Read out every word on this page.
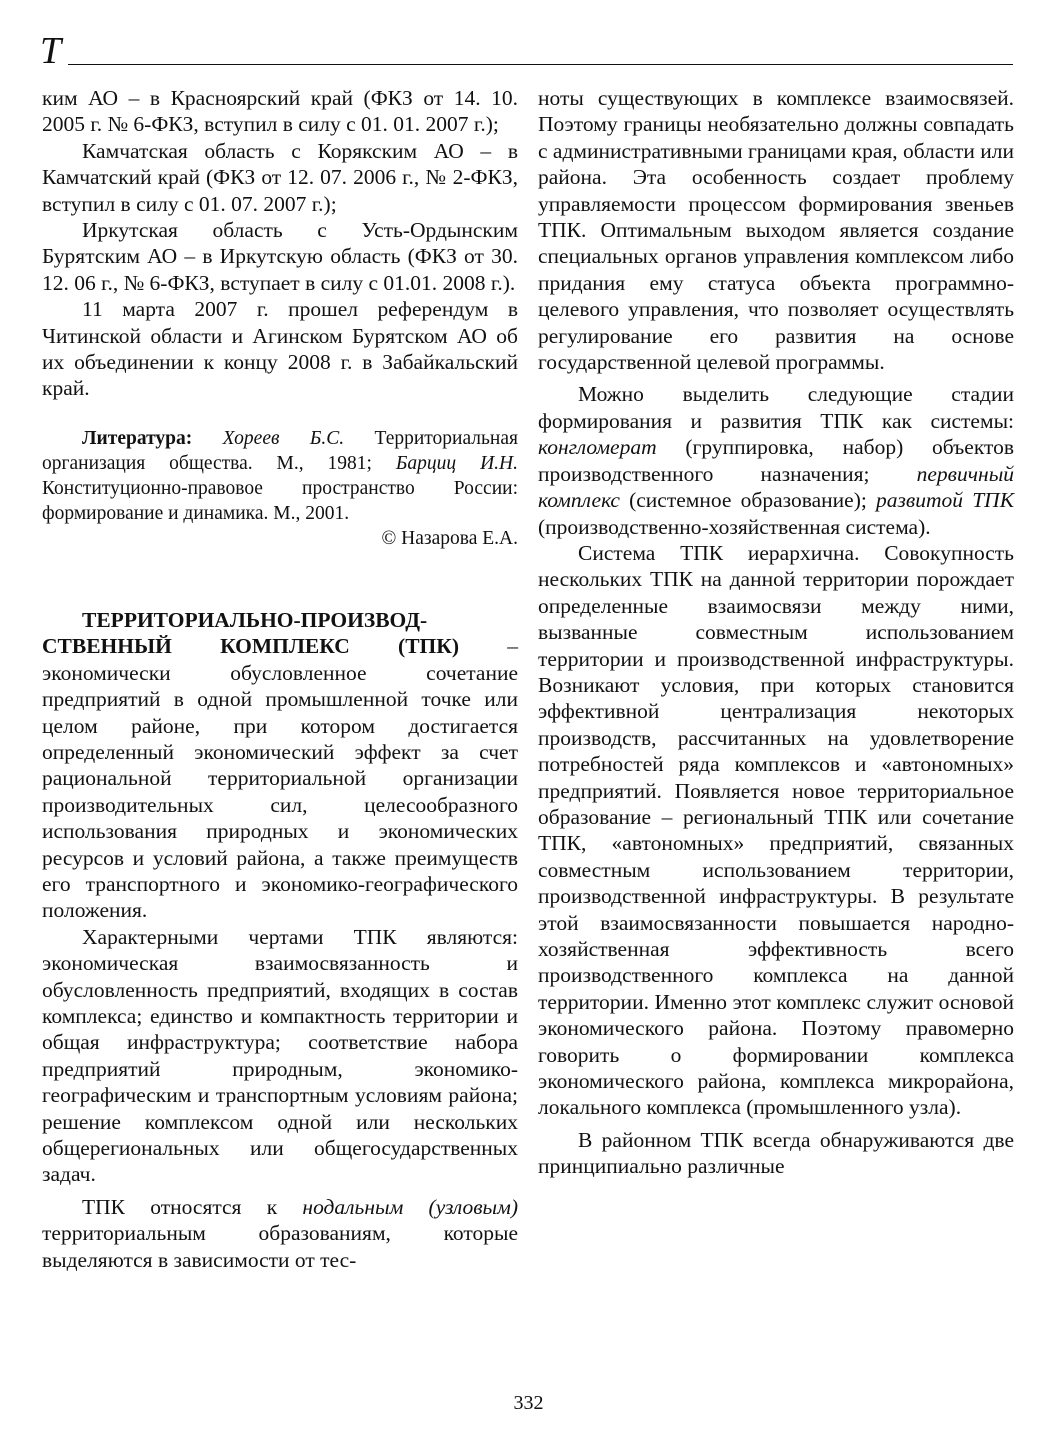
Т

ким АО – в Красноярский край (ФКЗ от 14. 10. 2005 г. № 6-ФКЗ, вступил в силу с 01. 01. 2007 г.);

Камчатская область с Корякским АО – в Камчатский край (ФКЗ от 12. 07. 2006 г., № 2-ФКЗ, вступил в силу с 01. 07. 2007 г.);

Иркутская область с Усть-Ордынским Бурятским АО – в Иркутскую область (ФКЗ от 30. 12. 06 г., № 6-ФКЗ, вступает в силу с 01.01. 2008 г.).

11 марта 2007 г. прошел референдум в Читинской области и Агинском Бурятском АО об их объединении к концу 2008 г. в Забайкальский край.

Литература: Хореев Б.С. Территориальная организация общества. М., 1981; Барциц И.Н. Конституционно-правовое пространство России: формирование и динамика. М., 2001.

© Назарова Е.А.

ТЕРРИТОРИАЛЬНО-ПРОИЗВОДСТВЕННЫЙ КОМПЛЕКС (ТПК) – экономически обусловленное сочетание предприятий в одной промышленной точке или целом районе, при котором достигается определенный экономический эффект за счет рациональной территориальной организации производительных сил, целесообразного использования природных и экономических ресурсов и условий района, а также преимуществ его транспортного и экономико-географического положения.

Характерными чертами ТПК являются: экономическая взаимосвязанность и обусловленность предприятий, входящих в состав комплекса; единство и компактность территории и общая инфраструктура; соответствие набора предприятий природным, экономико-географическим и транспортным условиям района; решение комплексом одной или нескольких общерегиональных или общегосударственных задач.

ТПК относятся к нодальным (узловым) территориальным образованиям, которые выделяются в зависимости от тес-

ноты существующих в комплексе взаимосвязей. Поэтому границы необязательно должны совпадать с административными границами края, области или района. Эта особенность создает проблему управляемости процессом формирования звеньев ТПК. Оптимальным выходом является создание специальных органов управления комплексом либо придания ему статуса объекта программно-целевого управления, что позволяет осуществлять регулирование его развития на основе государственной целевой программы.

Можно выделить следующие стадии формирования и развития ТПК как системы: конгломерат (группировка, набор) объектов производственного назначения; первичный комплекс (системное образование); развитой ТПК (производственно-хозяйственная система).

Система ТПК иерархична. Совокупность нескольких ТПК на данной территории порождает определенные взаимосвязи между ними, вызванные совместным использованием территории и производственной инфраструктуры. Возникают условия, при которых становится эффективной централизация некоторых производств, рассчитанных на удовлетворение потребностей ряда комплексов и «автономных» предприятий. Появляется новое территориальное образование – региональный ТПК или сочетание ТПК, «автономных» предприятий, связанных совместным использованием территории, производственной инфраструктуры. В результате этой взаимосвязанности повышается народно-хозяйственная эффективность всего производственного комплекса на данной территории. Именно этот комплекс служит основой экономического района. Поэтому правомерно говорить о формировании комплекса экономического района, комплекса микрорайона, локального комплекса (промышленного узла).

В районном ТПК всегда обнаруживаются две принципиально различные

332
